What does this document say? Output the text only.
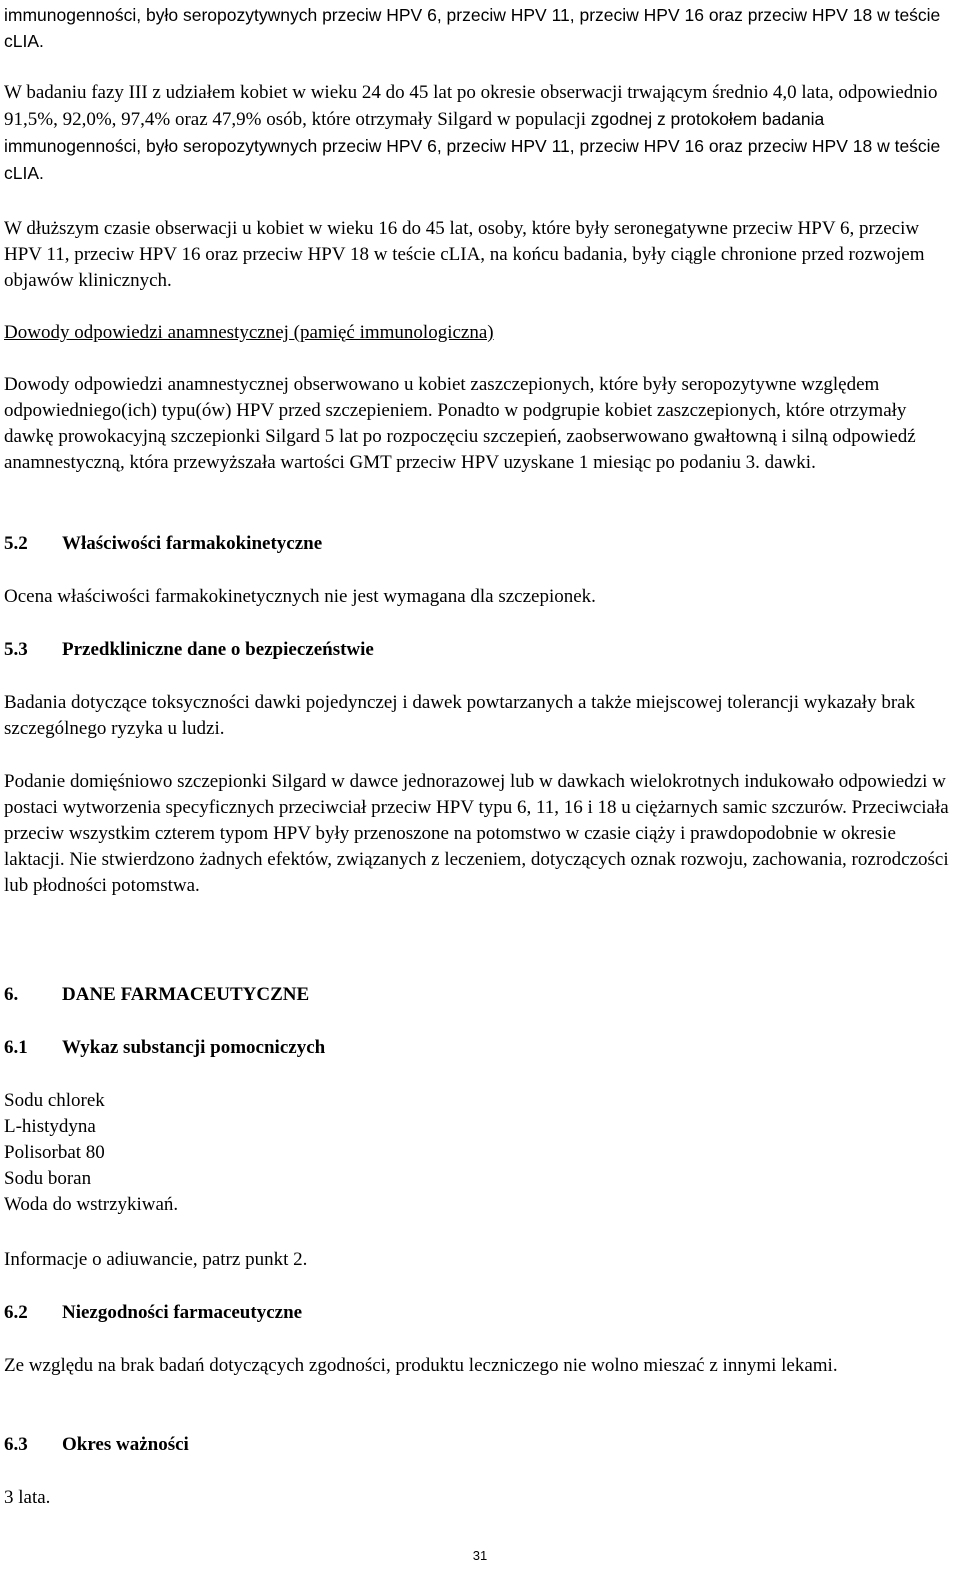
immunogenności, było seropozytywnych przeciw HPV 6, przeciw HPV 11, przeciw HPV 16 oraz przeciw HPV 18 w teście cLIA.

W badaniu fazy III z udziałem kobiet w wieku 24 do 45 lat po okresie obserwacji trwającym średnio 4,0 lata, odpowiednio 91,5%, 92,0%, 97,4% oraz 47,9% osób, które otrzymały Silgard w populacji zgodnej z protokołem badania immunogenności, było seropozytywnych przeciw HPV 6, przeciw HPV 11, przeciw HPV 16 oraz przeciw HPV 18 w teście cLIA.

W dłuższym czasie obserwacji u kobiet w wieku 16 do 45 lat, osoby, które były seronegatywne przeciw HPV 6, przeciw HPV 11, przeciw HPV 16 oraz przeciw HPV 18 w teście cLIA, na końcu badania, były ciągle chronione przed rozwojem objawów klinicznych.

Dowody odpowiedzi anamnestycznej (pamięć immunologiczna)

Dowody odpowiedzi anamnestycznej obserwowano u kobiet zaszczepionych, które były seropozytywne względem odpowiedniego(ich) typu(ów) HPV przed szczepieniem. Ponadto w podgrupie kobiet zaszczepionych, które otrzymały dawkę prowokacyjną szczepionki Silgard 5 lat po rozpoczęciu szczepień, zaobserwowano gwałtowną i silną odpowiedź anamnestyczną, która przewyższała wartości GMT przeciw HPV uzyskane 1 miesiąc po podaniu 3. dawki.

5.2 Właściwości farmakokinetyczne

Ocena właściwości farmakokinetycznych nie jest wymagana dla szczepionek.

5.3 Przedkliniczne dane o bezpieczeństwie

Badania dotyczące toksyczności dawki pojedynczej i dawek powtarzanych a także miejscowej tolerancji wykazały brak szczególnego ryzyka u ludzi.

Podanie domięśniowo szczepionki Silgard w dawce jednorazowej lub w dawkach wielokrotnych indukowało odpowiedzi w postaci wytworzenia specyficznych przeciwciał przeciw HPV typu 6, 11, 16 i 18 u ciężarnych samic szczurów. Przeciwciała przeciw wszystkim czterem typom HPV były przenoszone na potomstwo w czasie ciąży i prawdopodobnie w okresie laktacji. Nie stwierdzono żadnych efektów, związanych z leczeniem, dotyczących oznak rozwoju, zachowania, rozrodczości lub płodności potomstwa.

6. DANE FARMACEUTYCZNE

6.1 Wykaz substancji pomocniczych

Sodu chlorek

L-histydyna

Polisorbat 80

Sodu boran

Woda do wstrzykiwań.

Informacje o adiuwancie, patrz punkt 2.

6.2 Niezgodności farmaceutyczne

Ze względu na brak badań dotyczących zgodności, produktu leczniczego nie wolno mieszać z innymi lekami.

6.3 Okres ważności

3 lata.

31
